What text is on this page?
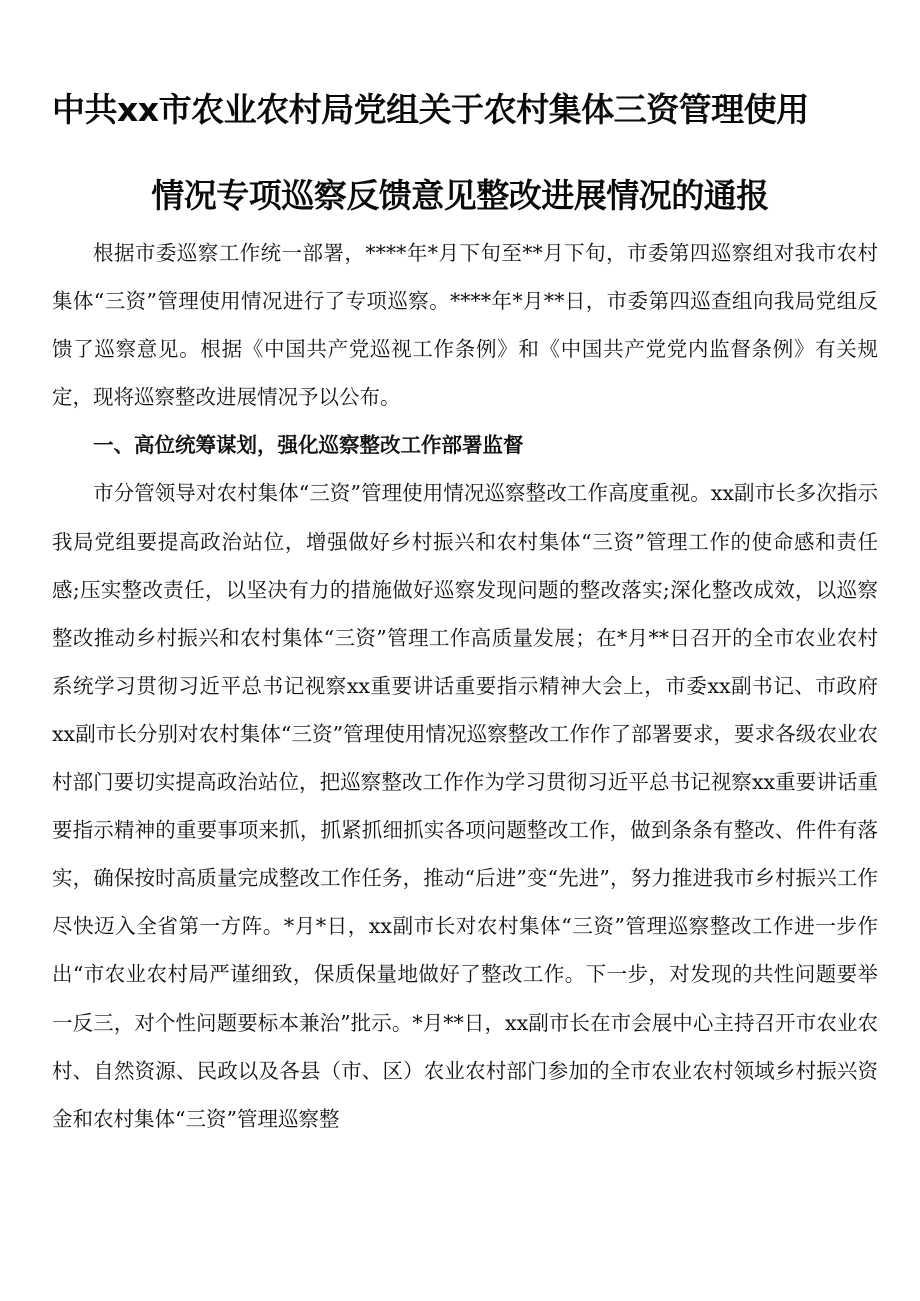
中共xx市农业农村局党组关于农村集体三资管理使用
情况专项巡察反馈意见整改进展情况的通报

根据市委巡察工作统一部署，****年*月下旬至**月下旬，市委第四巡察组对我市农村集体“三资”管理使用情况进行了专项巡察。****年*月**日，市委第四巡查组向我局党组反馈了巡察意见。根据《中国共产党巡视工作条例》和《中国共产党党内监督条例》有关规定，现将巡察整改进展情况予以公布。

一、高位统筹谋划，强化巡察整改工作部署监督

市分管领导对农村集体“三资”管理使用情况巡察整改工作高度重视。xx副市长多次指示我局党组要提高政治站位，增强做好乡村振兴和农村集体“三资”管理工作的使命感和责任感;压实整改责任，以坚决有力的措施做好巡察发现问题的整改落实;深化整改成效，以巡察整改推动乡村振兴和农村集体“三资”管理工作高质量发展；在*月**日召开的全市农业农村系统学习贯彻习近平总书记视察xx重要讲话重要指示精神大会上，市委xx副书记、市政府xx副市长分别对农村集体“三资”管理使用情况巡察整改工作作了部署要求，要求各级农业农村部门要切实提高政治站位，把巡察整改工作作为学习贯彻习近平总书记视察xx重要讲话重要指示精神的重要事项来抓，抓紧抓细抓实各项问题整改工作，做到条条有整改、件件有落实，确保按时高质量完成整改工作任务，推动“后进”变“先进”，努力推进我市乡村振兴工作尽快迈入全省第一方阵。*月*日，xx副市长对农村集体“三资”管理巡察整改工作进一步作出“市农业农村局严谨细致，保质保量地做好了整改工作。下一步，对发现的共性问题要举一反三，对个性问题要标本兼治”批示。*月**日，xx副市长在市会展中心主持召开市农业农村、自然资源、民政以及各县（市、区）农业农村部门参加的全市农业农村领域乡村振兴资金和农村集体“三资”管理巡察整
